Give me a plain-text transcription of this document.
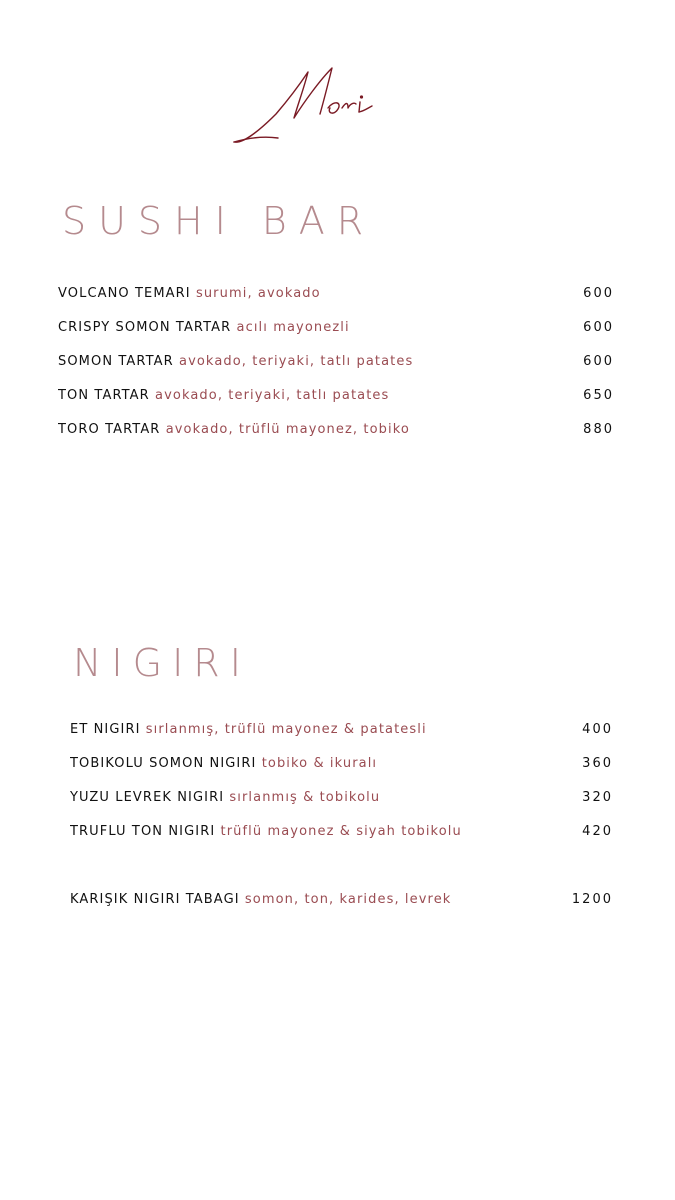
SUSHI BAR
VOLCANO TEMARI surumi, avokado	600
CRISPY SOMON TARTAR acılı mayonezli	600
SOMON TARTAR avokado, teriyaki, tatlı patates	600
TON TARTAR avokado, teriyaki, tatlı patates	650
TORO TARTAR avokado, trüflü mayonez, tobiko	880
NIGIRI
ET NIGIRI sırlanmış, trüflü mayonez & patatesli	400
TOBIKOLU SOMON NIGIRI tobiko & ikuralı	360
YUZU LEVREK NIGIRI sırlanmış & tobikolu	320
TRÜFLÜ TON NIGIRI trüflü mayonez & siyah tobikolu	420
KARIŞIK NIGIRI TABAĞI somon, ton, karides, levrek	1200
